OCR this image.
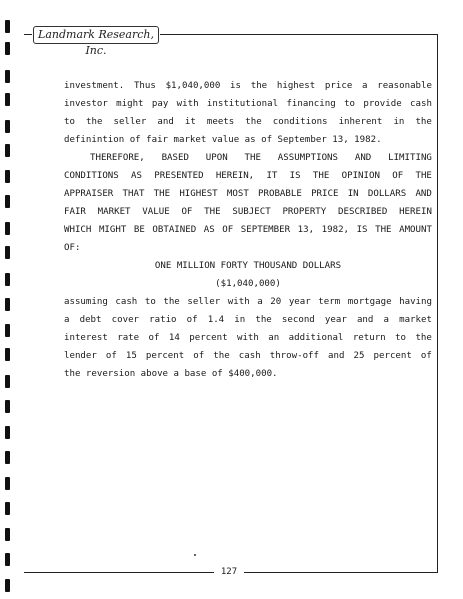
Landmark Research, Inc.
investment. Thus $1,040,000 is the highest price a reasonable
investor might pay with institutional financing to provide cash
to the seller and it meets the conditions inherent in the
definintion of fair market value as of September 13, 1982.
THEREFORE, BASED UPON THE ASSUMPTIONS AND LIMITING
CONDITIONS AS PRESENTED HEREIN, IT IS THE OPINION OF THE
APPRAISER THAT THE HIGHEST MOST PROBABLE PRICE IN DOLLARS AND
FAIR MARKET VALUE OF THE SUBJECT PROPERTY DESCRIBED HEREIN
WHICH MIGHT BE OBTAINED AS OF SEPTEMBER 13, 1982, IS THE AMOUNT
OF:
ONE MILLION FORTY THOUSAND DOLLARS
($1,040,000)
assuming cash to the seller with a 20 year term mortgage having
a debt cover ratio of 1.4 in the second year and a market
interest rate of 14 percent with an additional return to the
lender of 15 percent of the cash throw-off and 25 percent of
the reversion above a base of $400,000.
127
